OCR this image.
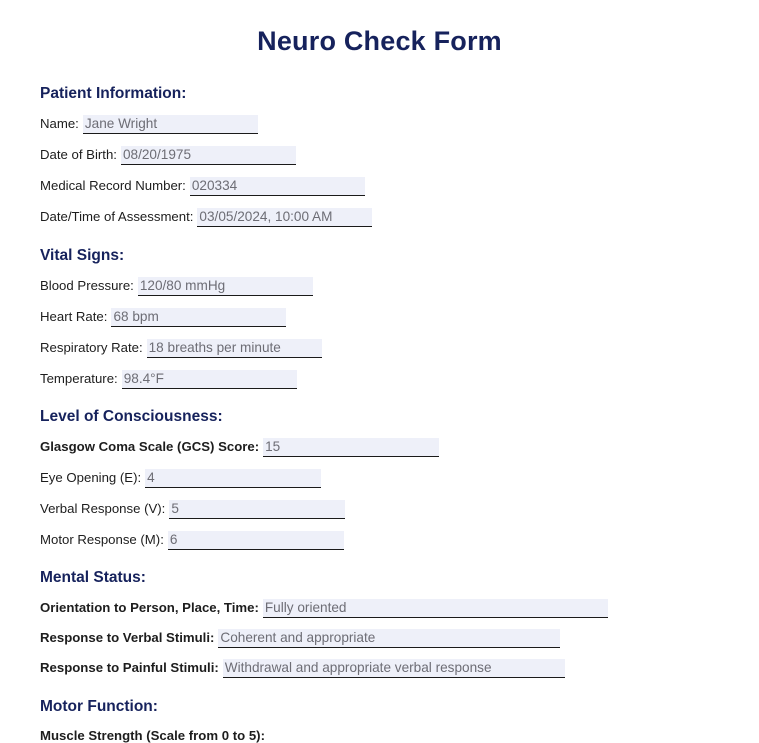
Neuro Check Form
Patient Information:
Name: Jane Wright
Date of Birth: 08/20/1975
Medical Record Number: 020334
Date/Time of Assessment: 03/05/2024, 10:00 AM
Vital Signs:
Blood Pressure: 120/80 mmHg
Heart Rate: 68 bpm
Respiratory Rate: 18 breaths per minute
Temperature: 98.4°F
Level of Consciousness:
Glasgow Coma Scale (GCS) Score: 15
Eye Opening (E): 4
Verbal Response (V): 5
Motor Response (M): 6
Mental Status:
Orientation to Person, Place, Time: Fully oriented
Response to Verbal Stimuli: Coherent and appropriate
Response to Painful Stimuli: Withdrawal and appropriate verbal response
Motor Function:
Muscle Strength (Scale from 0 to 5):
